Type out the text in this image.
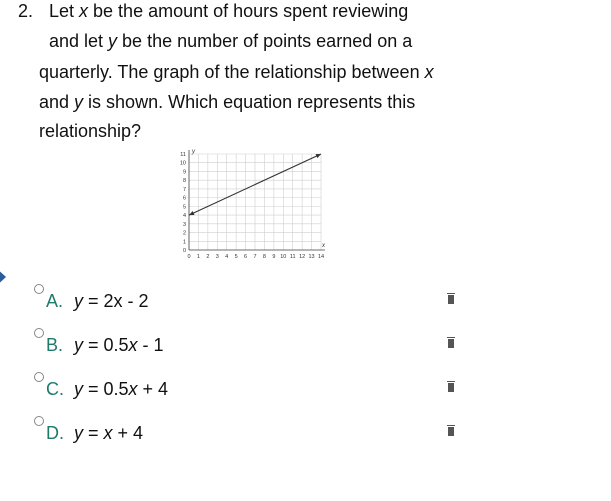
2. Let x be the amount of hours spent reviewing
and let y be the number of points earned on a
quarterly. The graph of the relationship between x
and y is shown. Which equation represents this
relationship?
0 1 2 3 4 5 6 7 8 9 10 11 12 13 14
0
1
2
3
4
5
6
7
8
9
10
11
x
y
A. y = 2x - 2
B. y = 0.5x - 1
C. y = 0.5x + 4
D. y = x + 4
